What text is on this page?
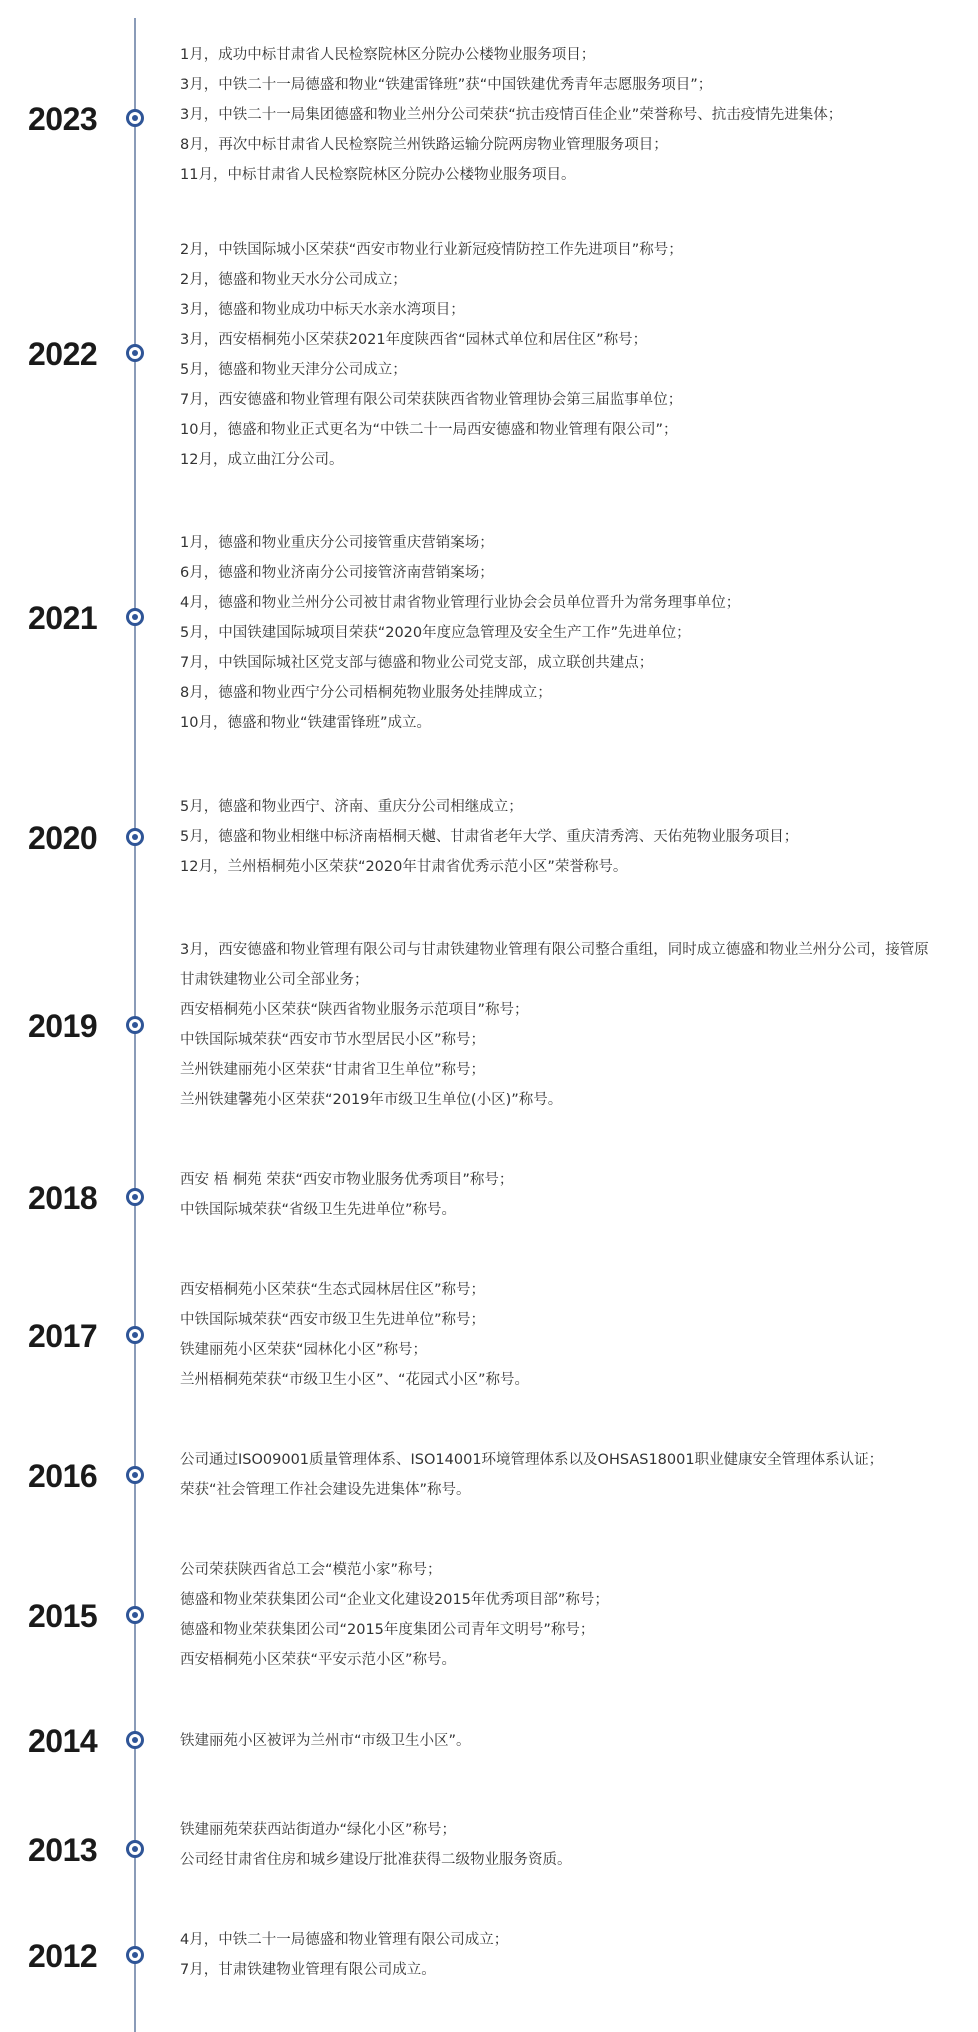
2023
1月，成功中标甘肃省人民检察院林区分院办公楼物业服务项目；
3月，中铁二十一局德盛和物业“铁建雷锋班”获“中国铁建优秀青年志愿服务项目”；
3月，中铁二十一局集团德盛和物业兰州分公司荣获“抗击疫情百佳企业”荣誉称号、抗击疫情先进集体；
8月，再次中标甘肃省人民检察院兰州铁路运输分院两房物业管理服务项目；
11月，中标甘肃省人民检察院林区分院办公楼物业服务项目。
2022
2月，中铁国际城小区荣获“西安市物业行业新冠疫情防控工作先进项目”称号；
2月，德盛和物业天水分公司成立；
3月，德盛和物业成功中标天水亲水湾项目；
3月，西安梧桐苑小区荣获2021年度陕西省“园林式单位和居住区”称号；
5月，德盛和物业天津分公司成立；
7月，西安德盛和物业管理有限公司荣获陕西省物业管理协会第三届监事单位；
10月，德盛和物业正式更名为“中铁二十一局西安德盛和物业管理有限公司”；
12月，成立曲江分公司。
2021
1月，德盛和物业重庆分公司接管重庆营销案场；
6月，德盛和物业济南分公司接管济南营销案场；
4月，德盛和物业兰州分公司被甘肃省物业管理行业协会会员单位晋升为常务理事单位；
5月，中国铁建国际城项目荣获“2020年度应急管理及安全生产工作”先进单位；
7月，中铁国际城社区党支部与德盛和物业公司党支部，成立联创共建点；
8月，德盛和物业西宁分公司梧桐苑物业服务处挂牌成立；
10月，德盛和物业“铁建雷锋班”成立。
2020
5月，德盛和物业西宁、济南、重庆分公司相继成立；
5月，德盛和物业相继中标济南梧桐天樾、甘肃省老年大学、重庆清秀湾、天佑苑物业服务项目；
12月，兰州梧桐苑小区荣获“2020年甘肃省优秀示范小区”荣誉称号。
2019
3月，西安德盛和物业管理有限公司与甘肃铁建物业管理有限公司整合重组，同时成立德盛和物业兰州分公司，接管原甘肃铁建物业公司全部业务；
西安梧桐苑小区荣获“陕西省物业服务示范项目”称号；
中铁国际城荣获“西安市节水型居民小区”称号；
兰州铁建丽苑小区荣获“甘肃省卫生单位”称号；
兰州铁建馨苑小区荣获“2019年市级卫生单位(小区)”称号。
2018	西安 梧 桐苑 荣获“西安市物业服务优秀项目”称号；
中铁国际城荣获“省级卫生先进单位”称号。
2017
西安梧桐苑小区荣获“生态式园林居住区”称号；
中铁国际城荣获“西安市级卫生先进单位”称号；
铁建丽苑小区荣获“园林化小区”称号；
兰州梧桐苑荣获“市级卫生小区”、“花园式小区”称号。
2016	公司通过ISO09001质量管理体系、ISO14001环境管理体系以及OHSAS18001职业健康安全管理体系认证；
荣获“社会管理工作社会建设先进集体”称号。
2015
公司荣获陕西省总工会“模范小家”称号；
德盛和物业荣获集团公司“企业文化建设2015年优秀项目部”称号；
德盛和物业荣获集团公司“2015年度集团公司青年文明号”称号；
西安梧桐苑小区荣获“平安示范小区”称号。
2014	铁建丽苑小区被评为兰州市“市级卫生小区”。
2013
铁建丽苑荣获西站街道办“绿化小区”称号；
公司经甘肃省住房和城乡建设厅批准获得二级物业服务资质。
2012	4月，中铁二十一局德盛和物业管理有限公司成立；
7月，甘肃铁建物业管理有限公司成立。
